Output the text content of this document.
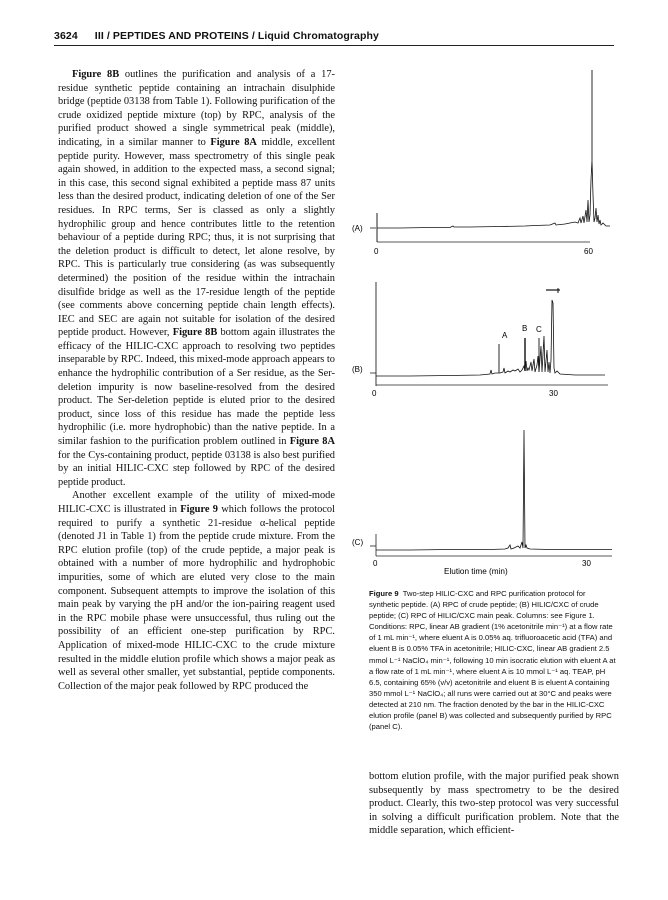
3624 III / PEPTIDES AND PROTEINS / Liquid Chromatography

Figure 8B outlines the purification and analysis of a 17-residue synthetic peptide containing an intrachain disulphide bridge (peptide 03138 from Table 1). Following purification of the crude oxidized peptide mixture (top) by RPC, analysis of the purified product showed a single symmetrical peak (middle), indicating, in a similar manner to Figure 8A middle, excellent peptide purity. However, mass spectrometry of this single peak again showed, in addition to the expected mass, a second signal; in this case, this second signal exhibited a peptide mass 87 units less than the desired product, indicating deletion of one of the Ser residues. In RPC terms, Ser is classed as only a slightly hydrophilic group and hence contributes little to the retention behaviour of a peptide during RPC; thus, it is not surprising that the deletion product is difficult to detect, let alone resolve, by RPC. This is particularly true considering (as was subsequently determined) the position of the residue within the intrachain disulfide bridge as well as the 17-residue length of the peptide (see comments above concerning peptide chain length effects). IEC and SEC are again not suitable for isolation of the desired peptide product. However, Figure 8B bottom again illustrates the efficacy of the HILIC-CXC approach to resolving two peptides inseparable by RPC. Indeed, this mixed-mode approach appears to enhance the hydrophilic contribution of a Ser residue, as the Ser-deletion impurity is now baseline-resolved from the desired product. The Ser-deletion peptide is eluted prior to the desired product, since loss of this residue has made the peptide less hydrophilic (i.e. more hydrophobic) than the native peptide. In a similar fashion to the purification problem outlined in Figure 8A for the Cys-containing product, peptide 03138 is also best purified by an initial HILIC-CXC step followed by RPC of the desired peptide product.

Another excellent example of the utility of mixed-mode HILIC-CXC is illustrated in Figure 9 which follows the protocol required to purify a synthetic 21-residue α-helical peptide (denoted J1 in Table 1) from the peptide crude mixture. From the RPC elution profile (top) of the crude peptide, a major peak is obtained with a number of more hydrophilic and hydrophobic impurities, some of which are eluted very close to the main component. Subsequent attempts to improve the isolation of this main peak by varying the pH and/or the ion-pairing reagent used in the RPC mobile phase were unsuccessful, thus ruling out the possibility of an efficient one-step purification by RPC. Application of mixed-mode HILIC-CXC to the crude mixture resulted in the middle elution profile which shows a major peak as well as several other smaller, yet substantial, peptide components. Collection of the major peak followed by RPC produced the

(A)
0	60
A
B C
(B)
0	30
(C)
0	30
Elution time (min)
Figure 9 Two-step HILIC-CXC and RPC purification protocol for synthetic peptide. (A) RPC of crude peptide; (B) HILIC/CXC of crude peptide; (C) RPC of HILIC/CXC main peak. Columns: see Figure 1. Conditions: RPC, linear AB gradient (1% acetonitrile min⁻¹) at a flow rate of 1 mL min⁻¹, where eluent A is 0.05% aq. trifluoroacetic acid (TFA) and eluent B is 0.05% TFA in acetonitrile; HILIC-CXC, linear AB gradient 2.5 mmol L⁻¹ NaClO₄ min⁻¹, following 10 min isocratic elution with eluent A at a flow rate of 1 mL min⁻¹, where eluent A is 10 mmol L⁻¹ aq. TEAP, pH 6.5, containing 65% (v/v) acetonitrile and eluent B is eluent A containing 350 mmol L⁻¹ NaClO₄; all runs were carried out at 30°C and peaks were detected at 210 nm. The fraction denoted by the bar in the HILIC-CXC elution profile (panel B) was collected and subsequently purified by RPC (panel C).

bottom elution profile, with the major purified peak shown subsequently by mass spectrometry to be the desired product. Clearly, this two-step protocol was very successful in solving a difficult purification problem. Note that the middle separation, which efficient-
